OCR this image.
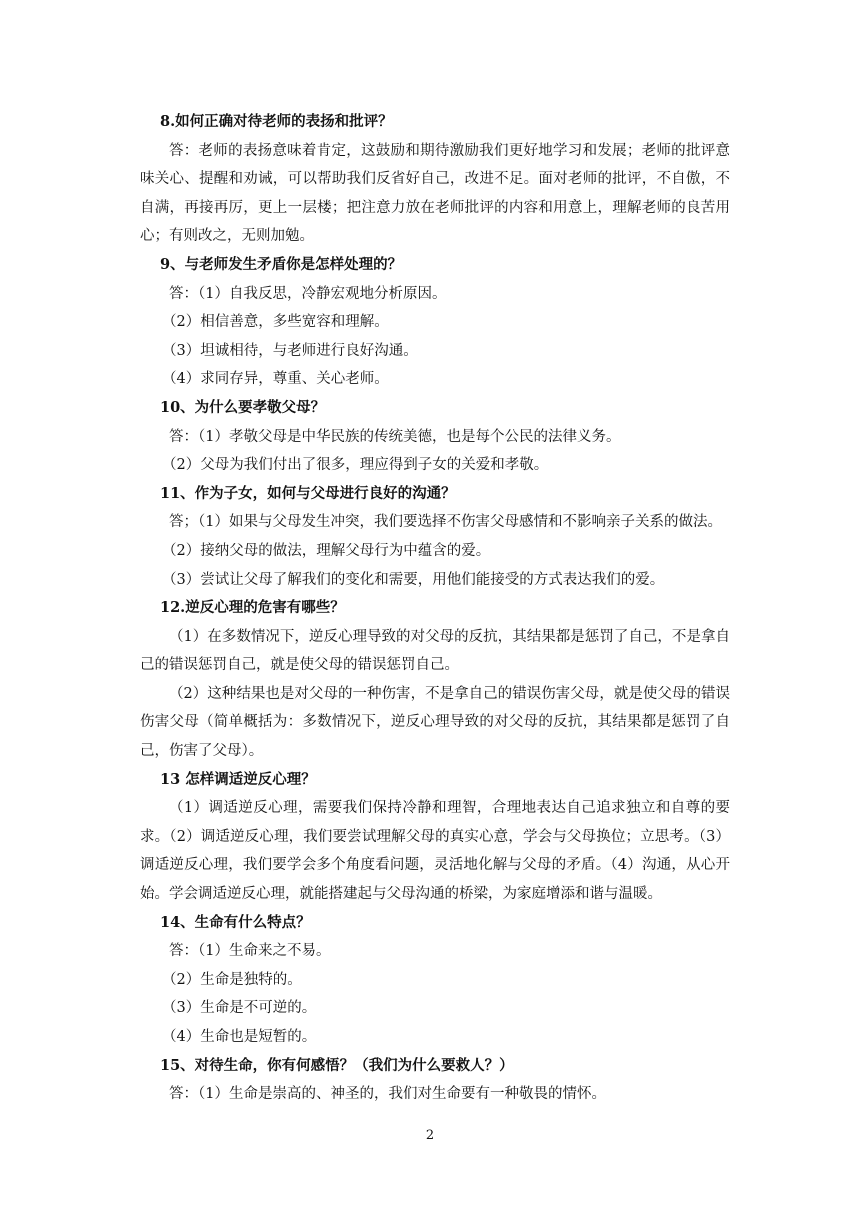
8.如何正确对待老师的表扬和批评？

答：老师的表扬意味着肯定，这鼓励和期待激励我们更好地学习和发展；老师的批评意味关心、提醒和劝诫，可以帮助我们反省好自己，改进不足。面对老师的批评，不自傲，不自满，再接再厉，更上一层楼；把注意力放在老师批评的内容和用意上，理解老师的良苦用心；有则改之，无则加勉。

9、与老师发生矛盾你是怎样处理的？

答：（1）自我反思，冷静宏观地分析原因。

（2）相信善意，多些宽容和理解。

（3）坦诚相待，与老师进行良好沟通。

（4）求同存异，尊重、关心老师。

10、为什么要孝敬父母？

答：（1）孝敬父母是中华民族的传统美德，也是每个公民的法律义务。

（2）父母为我们付出了很多，理应得到子女的关爱和孝敬。

11、作为子女，如何与父母进行良好的沟通？

答；（1）如果与父母发生冲突，我们要选择不伤害父母感情和不影响亲子关系的做法。

（2）接纳父母的做法，理解父母行为中蕴含的爱。

（3）尝试让父母了解我们的变化和需要，用他们能接受的方式表达我们的爱。

12.逆反心理的危害有哪些？

（1）在多数情况下，逆反心理导致的对父母的反抗，其结果都是惩罚了自己，不是拿自己的错误惩罚自己，就是使父母的错误惩罚自己。

（2）这种结果也是对父母的一种伤害，不是拿自己的错误伤害父母，就是使父母的错误伤害父母（简单概括为：多数情况下，逆反心理导致的对父母的反抗，其结果都是惩罚了自己，伤害了父母）。

13 怎样调适逆反心理？

（1）调适逆反心理，需要我们保持冷静和理智，合理地表达自己追求独立和自尊的要求。（2）调适逆反心理，我们要尝试理解父母的真实心意，学会与父母换位；立思考。（3）调适逆反心理，我们要学会多个角度看问题，灵活地化解与父母的矛盾。（4）沟通，从心开始。学会调适逆反心理，就能搭建起与父母沟通的桥梁，为家庭增添和谐与温暖。

14、生命有什么特点？

答：（1）生命来之不易。

（2）生命是独特的。

（3）生命是不可逆的。

（4）生命也是短暂的。

15、对待生命，你有何感悟？（我们为什么要救人？）

答：（1）生命是崇高的、神圣的，我们对生命要有一种敬畏的情怀。

2
